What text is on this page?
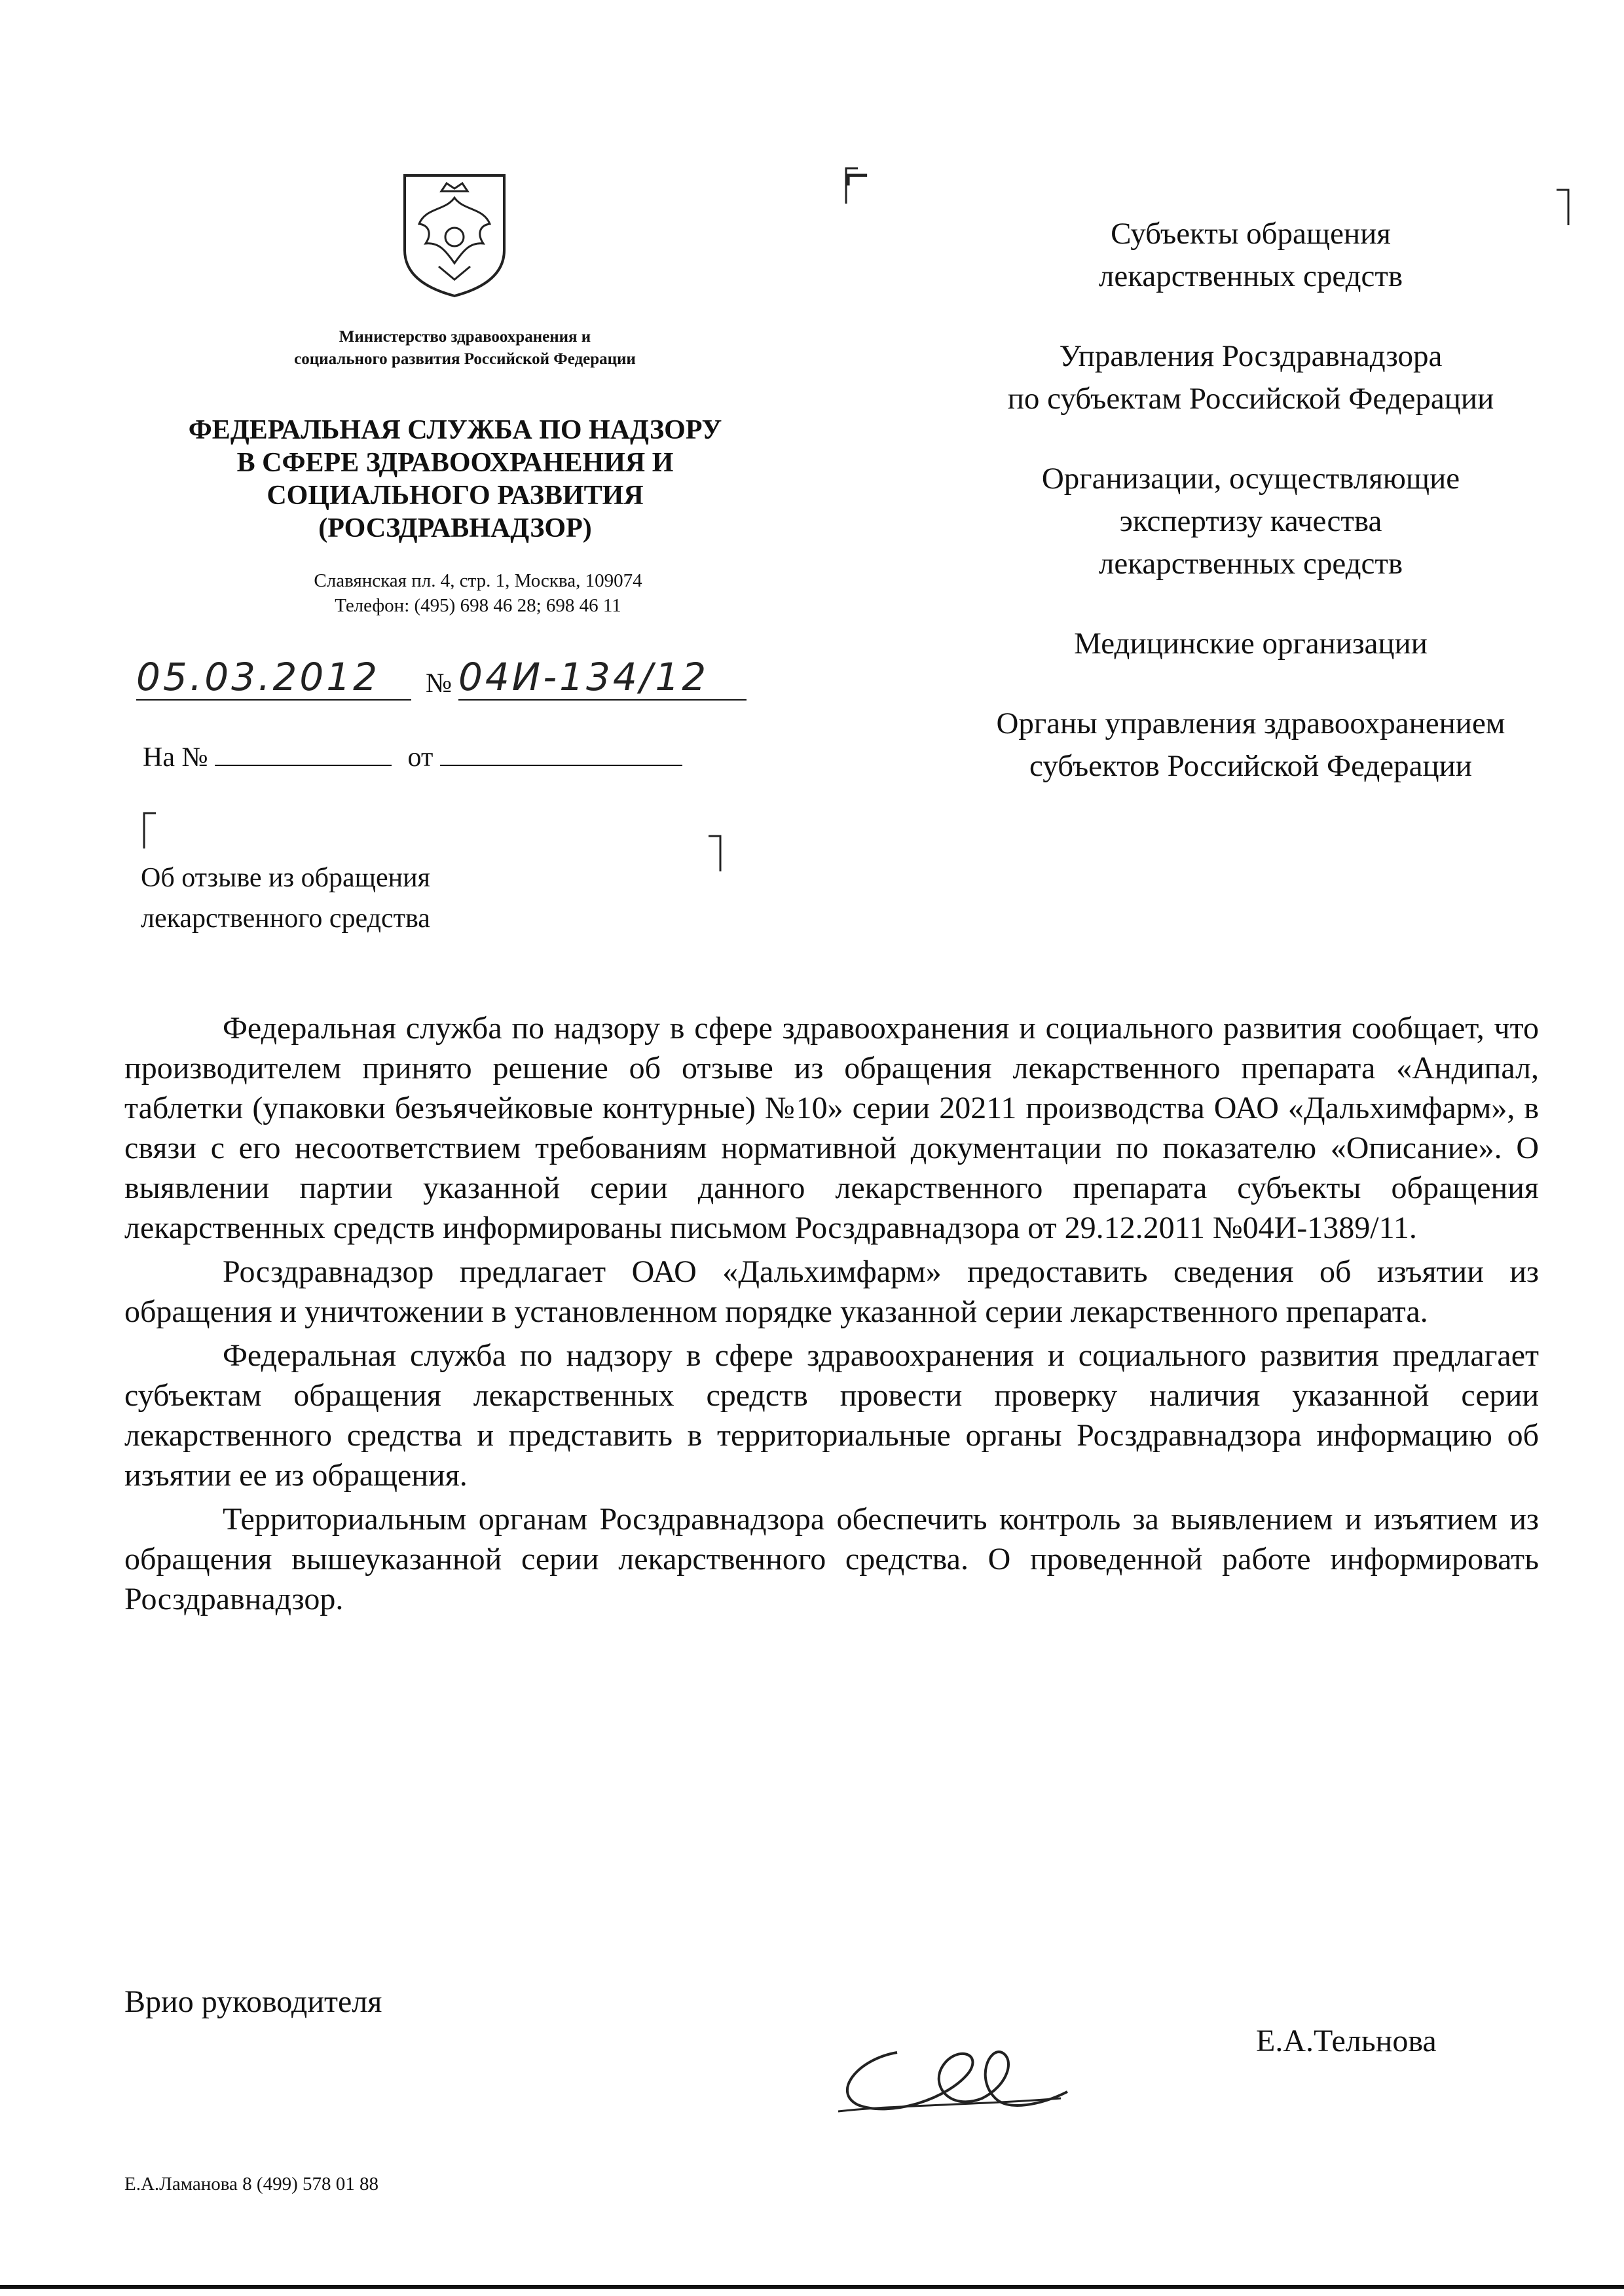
Министерство здравоохранения и
социального развития Российской Федерации
ФЕДЕРАЛЬНАЯ СЛУЖБА ПО НАДЗОРУ
В СФЕРЕ ЗДРАВООХРАНЕНИЯ И
СОЦИАЛЬНОГО РАЗВИТИЯ
(РОСЗДРАВНАДЗОР)
Славянская пл. 4, стр. 1, Москва, 109074
Телефон: (495) 698 46 28; 698 46 11
05.03.2012	№ 04И-134/12
На №	от
⌐
Об отзыве из обращения
лекарственного средства
Субъекты обращения
лекарственных средств
Управления Росздравнадзора
по субъектам Российской Федерации
Организации, осуществляющие
экспертизу качества
лекарственных средств
Медицинские организации
Органы управления здравоохранением
субъектов Российской Федерации

Федеральная служба по надзору в сфере здравоохранения и социального развития сообщает, что производителем принято решение об отзыве из обращения лекарственного препарата «Андипал, таблетки (упаковки безъячейковые контурные) №10» серии 20211 производства ОАО «Дальхимфарм», в связи с его несоответствием требованиям нормативной документации по показателю «Описание». О выявлении партии указанной серии данного лекарственного препарата субъекты обращения лекарственных средств информированы письмом Росздравнадзора от 29.12.2011 №04И-1389/11.

Росздравнадзор предлагает ОАО «Дальхимфарм» предоставить сведения об изъятии из обращения и уничтожении в установленном порядке указанной серии лекарственного препарата.

Федеральная служба по надзору в сфере здравоохранения и социального развития предлагает субъектам обращения лекарственных средств провести проверку наличия указанной серии лекарственного средства и представить в территориальные органы Росздравнадзора информацию об изъятии ее из обращения.

Территориальным органам Росздравнадзора обеспечить контроль за выявлением и изъятием из обращения вышеуказанной серии лекарственного средства. О проведенной работе информировать Росздравнадзор.

Врио руководителя
Е.А.Тельнова
Е.А.Ламанова 8 (499) 578 01 88
